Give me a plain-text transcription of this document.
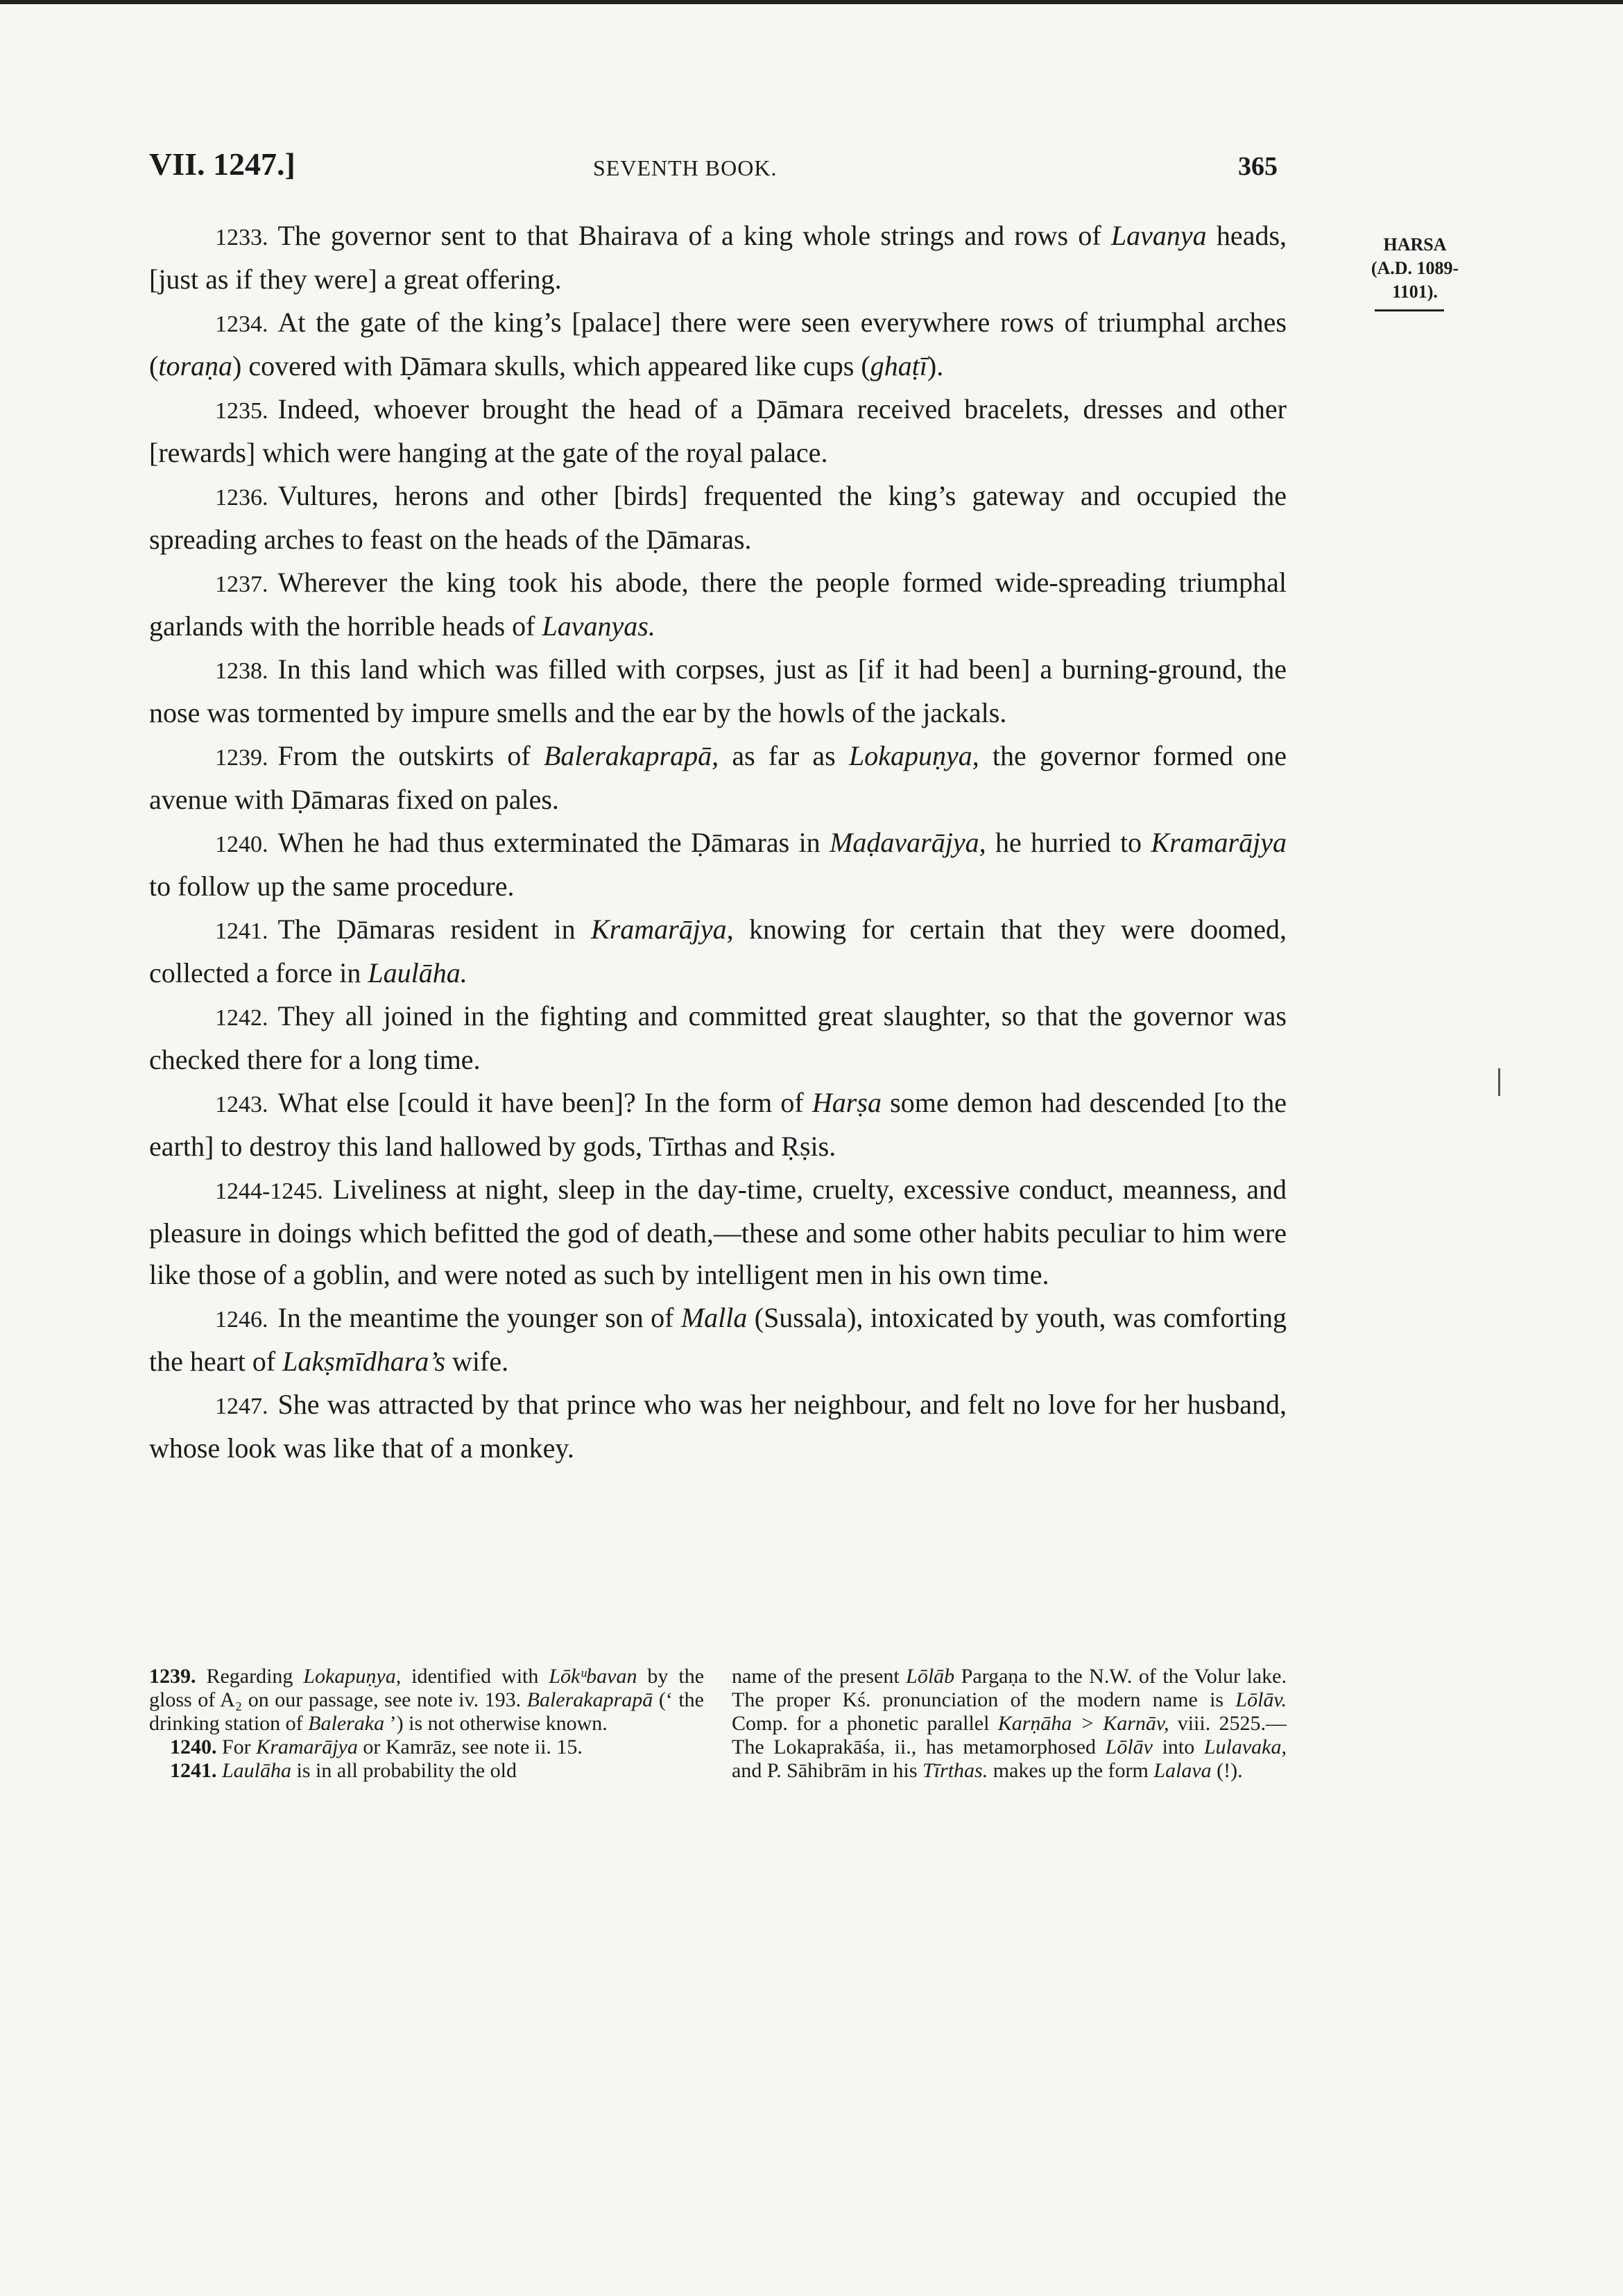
VII. 1247.]	SEVENTH BOOK.	365

1233. The governor sent to that Bhairava of a king whole strings and rows of Lavanya heads, [just as if they were] a great offering.

1234. At the gate of the king’s [palace] there were seen everywhere rows of triumphal arches (toraṇa) covered with Ḍāmara skulls, which appeared like cups (ghaṭī).

1235. Indeed, whoever brought the head of a Ḍāmara received bracelets, dresses and other [rewards] which were hanging at the gate of the royal palace.

1236. Vultures, herons and other [birds] frequented the king’s gateway and occupied the spreading arches to feast on the heads of the Ḍāmaras.

1237. Wherever the king took his abode, there the people formed wide-spreading triumphal garlands with the horrible heads of Lavanyas.

1238. In this land which was filled with corpses, just as [if it had been] a burning-ground, the nose was tormented by impure smells and the ear by the howls of the jackals.

1239. From the outskirts of Balerakaprapā, as far as Lokapuṇya, the governor formed one avenue with Ḍāmaras fixed on pales.

1240. When he had thus exterminated the Ḍāmaras in Maḍavarājya, he hurried to Kramarājya to follow up the same procedure.

1241. The Ḍāmaras resident in Kramarājya, knowing for certain that they were doomed, collected a force in Laulāha.

1242. They all joined in the fighting and committed great slaughter, so that the governor was checked there for a long time.

1243. What else [could it have been]? In the form of Harṣa some demon had descended [to the earth] to destroy this land hallowed by gods, Tīrthas and Ṛṣis.

1244-1245. Liveliness at night, sleep in the day-time, cruelty, excessive conduct, meanness, and pleasure in doings which befitted the god of death,—these and some other habits peculiar to him were like those of a goblin, and were noted as such by intelligent men in his own time.

1246. In the meantime the younger son of Malla (Sussala), intoxicated by youth, was comforting the heart of Lakṣmīdhara’s wife.

1247. She was attracted by that prince who was her neighbour, and felt no love for her husband, whose look was like that of a monkey.

HARSA
(A.D. 1089-1101).

1239. Regarding Lokapuṇya, identified with Lōkᵘbavan by the gloss of A₂ on our passage, see note iv. 193. Balerakaprapā (‘ the drinking station of Baleraka ’) is not otherwise known.

1240. For Kramarājya or Kamrāz, see note ii. 15.

1241. Laulāha is in all probability the old

name of the present Lōlāb Pargaṇa to the N.W. of the Volur lake. The proper Kś. pronunciation of the modern name is Lōlāv. Comp. for a phonetic parallel Karṇāha > Karnāv, viii. 2525.—The Lokaprakāśa, ii., has metamorphosed Lōlāv into Lulavaka, and P. Sāhibrām in his Tīrthas. makes up the form Lalava (!).
